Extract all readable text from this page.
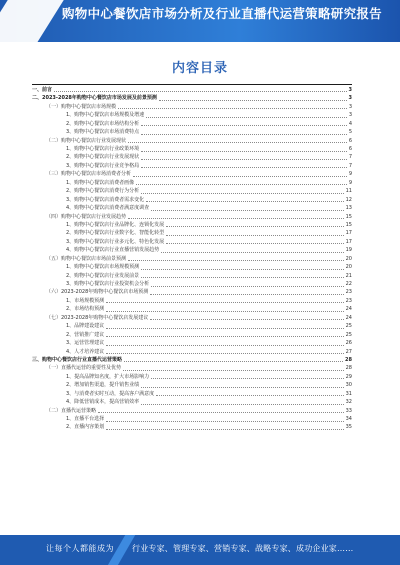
购物中心餐饮店市场分析及行业直播代运营策略研究报告
内容目录
一、前言	3
二、2023-2028年购物中心餐饮店市场发展及前景预测	3
（一）购物中心餐饮店市场规模	3
1、购物中心餐饮店市场规模及增速	3
2、购物中心餐饮店市场结构分析	4
3、购物中心餐饮店市场消费特点	5
（二）购物中心餐饮店行业发展现状	6
1、购物中心餐饮店行业政策环境	6
2、购物中心餐饮店行业发展现状	7
3、购物中心餐饮店行业竞争格局	7
（三）购物中心餐饮店市场消费者分析	9
1、购物中心餐饮店消费者画像	9
2、购物中心餐饮店消费行为分析	11
3、购物中心餐饮店消费者需求变化	12
4、购物中心餐饮店消费者满意度调查	13
（四）购物中心餐饮店行业发展趋势	15
1、购物中心餐饮店行业品牌化、连锁化发展	15
2、购物中心餐饮店行业数字化、智能化转型	17
3、购物中心餐饮店行业多元化、特色化发展	17
4、购物中心餐饮店行业直播营销发展趋势	19
（五）购物中心餐饮店市场前景预测	20
1、购物中心餐饮店市场规模预测	20
2、购物中心餐饮店行业发展前景	21
3、购物中心餐饮店行业投资机会分析	22
（六）2023-2028年购物中心餐饮店市场预测	23
1、市场规模预测	23
2、市场结构预测	24
（七）2023-2028年购物中心餐饮店发展建议	24
1、品牌建设建议	25
2、营销推广建议	25
3、运营管理建议	26
4、人才培养建议	27
三、购物中心餐饮店行业直播代运营策略	28
（一）直播代运营的重要性及优势	28
1、提高品牌知名度，扩大市场影响力	29
2、增加销售渠道，提升销售业绩	30
3、与消费者实时互动，提高客户满意度	31
4、降低营销成本，提高营销效率	32
（二）直播代运营策略	33
1、直播平台选择	34
2、直播内容策划	35
让每个人都能成为 行业专家、管理专家、营销专家、战略专家、成功企业家……
